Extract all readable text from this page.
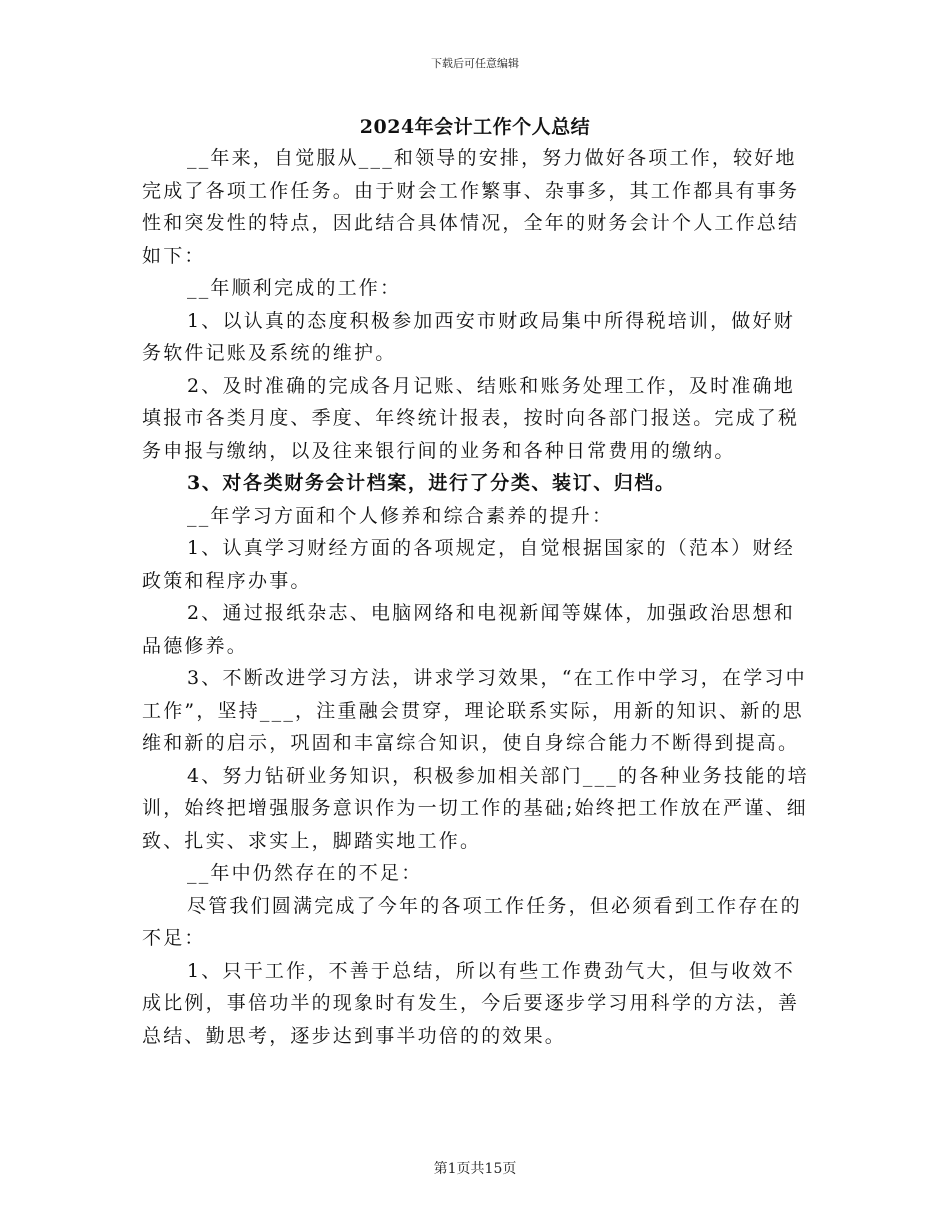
下载后可任意编辑
2024年会计工作个人总结

__年来，自觉服从___和领导的安排，努力做好各项工作，较好地完成了各项工作任务。由于财会工作繁事、杂事多，其工作都具有事务性和突发性的特点，因此结合具体情况，全年的财务会计个人工作总结如下：

__年顺利完成的工作：

1、以认真的态度积极参加西安市财政局集中所得税培训，做好财务软件记账及系统的维护。

2、及时准确的完成各月记账、结账和账务处理工作，及时准确地填报市各类月度、季度、年终统计报表，按时向各部门报送。完成了税务申报与缴纳，以及往来银行间的业务和各种日常费用的缴纳。

3、对各类财务会计档案，进行了分类、装订、归档。

__年学习方面和个人修养和综合素养的提升：

1、认真学习财经方面的各项规定，自觉根据国家的（范本）财经政策和程序办事。

2、通过报纸杂志、电脑网络和电视新闻等媒体，加强政治思想和品德修养。

3、不断改进学习方法，讲求学习效果，“在工作中学习，在学习中工作”，坚持___，注重融会贯穿，理论联系实际，用新的知识、新的思维和新的启示，巩固和丰富综合知识，使自身综合能力不断得到提高。

4、努力钻研业务知识，积极参加相关部门___的各种业务技能的培训，始终把增强服务意识作为一切工作的基础;始终把工作放在严谨、细致、扎实、求实上，脚踏实地工作。

__年中仍然存在的不足：

尽管我们圆满完成了今年的各项工作任务，但必须看到工作存在的不足：

1、只干工作，不善于总结，所以有些工作费劲气大，但与收效不成比例，事倍功半的现象时有发生，今后要逐步学习用科学的方法，善总结、勤思考，逐步达到事半功倍的的效果。

第1页共15页
